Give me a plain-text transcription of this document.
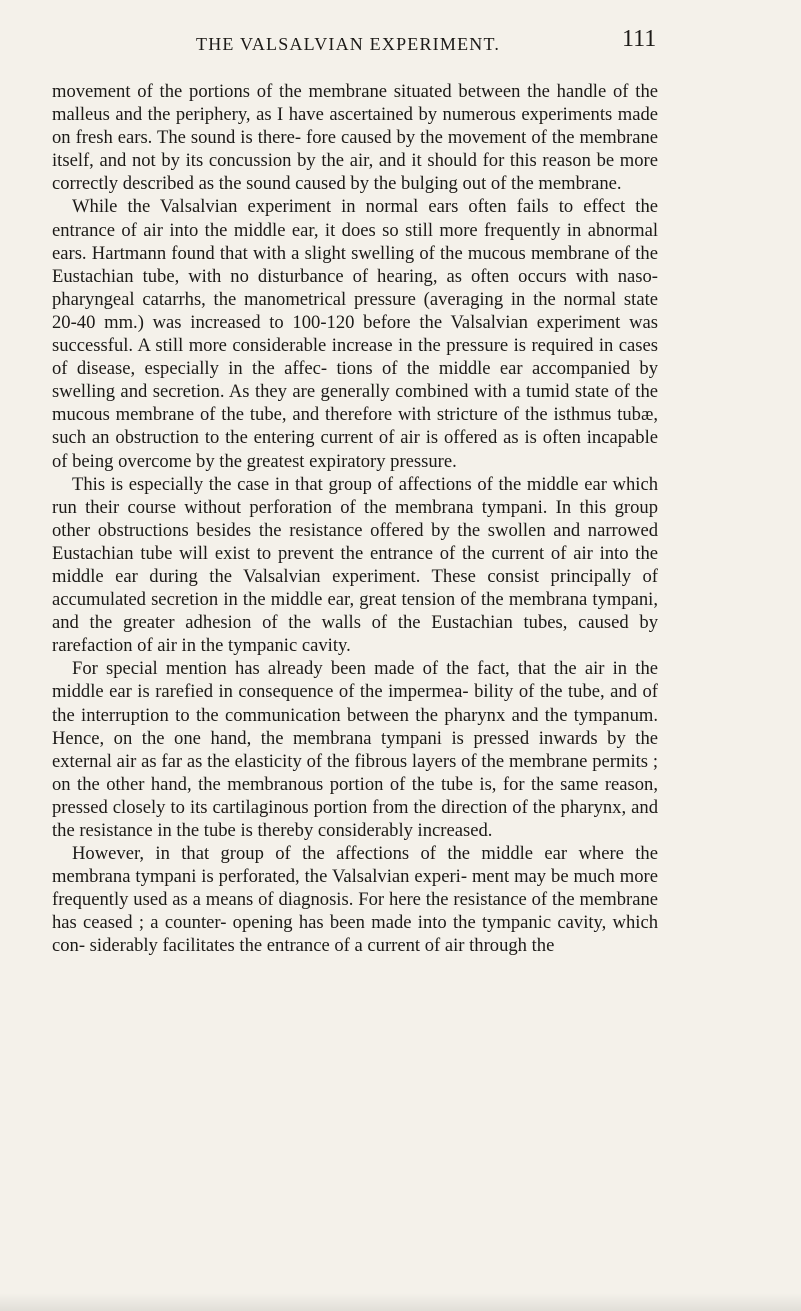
THE VALSALVIAN EXPERIMENT.	111

movement of the portions of the membrane situated between the handle of the malleus and the periphery, as I have ascertained by numerous experiments made on fresh ears. The sound is there- fore caused by the movement of the membrane itself, and not by its concussion by the air, and it should for this reason be more correctly described as the sound caused by the bulging out of the membrane.

While the Valsalvian experiment in normal ears often fails to effect the entrance of air into the middle ear, it does so still more frequently in abnormal ears. Hartmann found that with a slight swelling of the mucous membrane of the Eustachian tube, with no disturbance of hearing, as often occurs with naso-pharyngeal catarrhs, the manometrical pressure (averaging in the normal state 20-40 mm.) was increased to 100-120 before the Valsalvian experiment was successful. A still more considerable increase in the pressure is required in cases of disease, especially in the affec- tions of the middle ear accompanied by swelling and secretion. As they are generally combined with a tumid state of the mucous membrane of the tube, and therefore with stricture of the isthmus tubæ, such an obstruction to the entering current of air is offered as is often incapable of being overcome by the greatest expiratory pressure.

This is especially the case in that group of affections of the middle ear which run their course without perforation of the membrana tympani. In this group other obstructions besides the resistance offered by the swollen and narrowed Eustachian tube will exist to prevent the entrance of the current of air into the middle ear during the Valsalvian experiment. These consist principally of accumulated secretion in the middle ear, great tension of the membrana tympani, and the greater adhesion of the walls of the Eustachian tubes, caused by rarefaction of air in the tympanic cavity.

For special mention has already been made of the fact, that the air in the middle ear is rarefied in consequence of the impermea- bility of the tube, and of the interruption to the communication between the pharynx and the tympanum. Hence, on the one hand, the membrana tympani is pressed inwards by the external air as far as the elasticity of the fibrous layers of the membrane permits ; on the other hand, the membranous portion of the tube is, for the same reason, pressed closely to its cartilaginous portion from the direction of the pharynx, and the resistance in the tube is thereby considerably increased.

However, in that group of the affections of the middle ear where the membrana tympani is perforated, the Valsalvian experi- ment may be much more frequently used as a means of diagnosis. For here the resistance of the membrane has ceased ; a counter- opening has been made into the tympanic cavity, which con- siderably facilitates the entrance of a current of air through the
